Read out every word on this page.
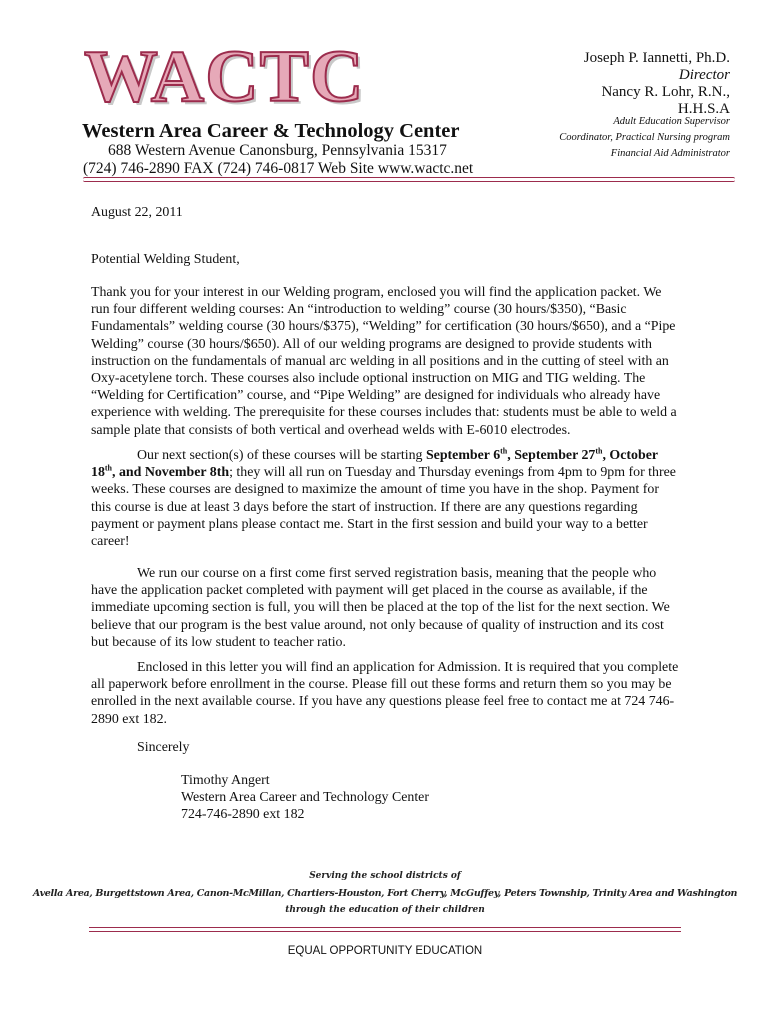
WACTC
Western Area Career & Technology Center
688 Western Avenue Canonsburg, Pennsylvania 15317
(724) 746-2890 FAX (724) 746-0817 Web Site www.wactc.net
Joseph P. Iannetti, Ph.D.
Director
Nancy R. Lohr, R.N.,
H.H.S.A
Adult Education Supervisor
Coordinator, Practical Nursing program
Financial Aid Administrator
August 22, 2011
Potential Welding Student,

Thank you for your interest in our Welding program, enclosed you will find the application packet. We run four different welding courses: An “introduction to welding” course (30 hours/$350), “Basic Fundamentals” welding course (30 hours/$375), “Welding” for certification (30 hours/$650), and a “Pipe Welding” course (30 hours/$650). All of our welding programs are designed to provide students with instruction on the fundamentals of manual arc welding in all positions and in the cutting of steel with an Oxy-acetylene torch. These courses also include optional instruction on MIG and TIG welding. The “Welding for Certification” course, and “Pipe Welding” are designed for individuals who already have experience with welding. The prerequisite for these courses includes that: students must be able to weld a sample plate that consists of both vertical and overhead welds with E-6010 electrodes.

Our next section(s) of these courses will be starting September 6th, September 27th, October 18th, and November 8th; they will all run on Tuesday and Thursday evenings from 4pm to 9pm for three weeks. These courses are designed to maximize the amount of time you have in the shop. Payment for this course is due at least 3 days before the start of instruction. If there are any questions regarding payment or payment plans please contact me. Start in the first session and build your way to a better career!

We run our course on a first come first served registration basis, meaning that the people who have the application packet completed with payment will get placed in the course as available, if the immediate upcoming section is full, you will then be placed at the top of the list for the next section. We believe that our program is the best value around, not only because of quality of instruction and its cost but because of its low student to teacher ratio.

Enclosed in this letter you will find an application for Admission. It is required that you complete all paperwork before enrollment in the course. Please fill out these forms and return them so you may be enrolled in the next available course. If you have any questions please feel free to contact me at 724 746-2890 ext 182.

Sincerely
Timothy Angert
Western Area Career and Technology Center
724-746-2890 ext 182
Serving the school districts of
Avella Area, Burgettstown Area, Canon-McMillan, Chartiers-Houston, Fort Cherry, McGuffey, Peters Township, Trinity Area and Washington
through the education of their children
EQUAL OPPORTUNITY EDUCATION
